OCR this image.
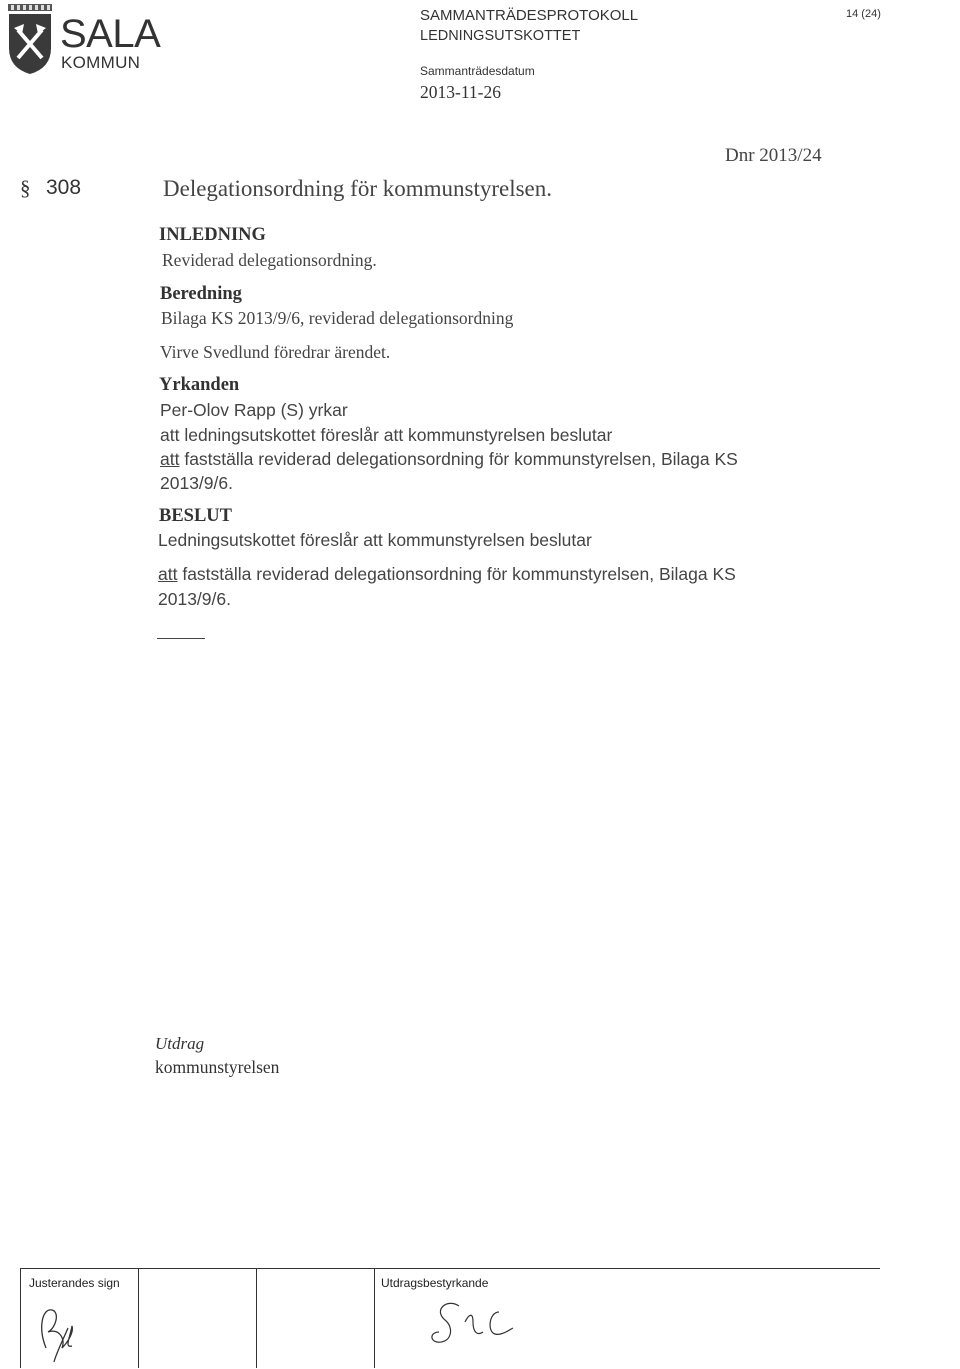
SALA
KOMMUN
SAMMANTRÄDESPROTOKOLL
LEDNINGSUTSKOTTET
Sammanträdesdatum
2013-11-26
14 (24)
Dnr 2013/24
§ 308	Delegationsordning för kommunstyrelsen.
INLEDNING
Reviderad delegationsordning.
Beredning
Bilaga KS 2013/9/6, reviderad delegationsordning
Virve Svedlund föredrar ärendet.
Yrkanden
Per-Olov Rapp (S) yrkar
att ledningsutskottet föreslår att kommunstyrelsen beslutar
att fastställa reviderad delegationsordning för kommunstyrelsen, Bilaga KS
2013/9/6.
BESLUT
Ledningsutskottet föreslår att kommunstyrelsen beslutar
att fastställa reviderad delegationsordning för kommunstyrelsen, Bilaga KS
2013/9/6.
Utdrag
kommunstyrelsen
Justerandes sign	Utdragsbestyrkande
